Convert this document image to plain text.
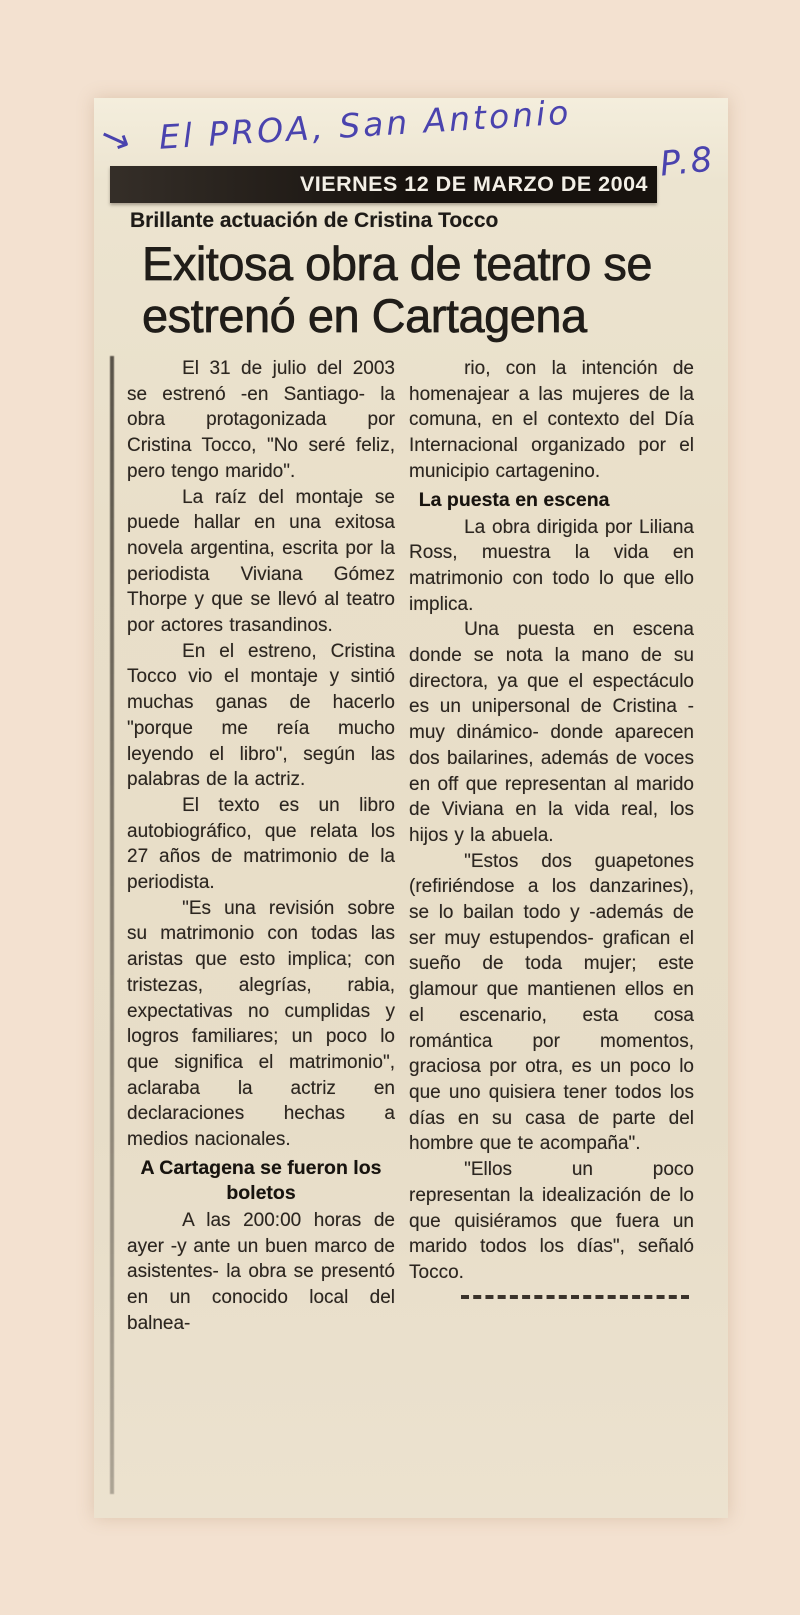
→ El PROA, San Antonio
VIERNES 12 DE MARZO DE 2004 P.8
Brillante actuación de Cristina Tocco
Exitosa obra de teatro se estrenó en Cartagena

El 31 de julio del 2003 se estrenó -en Santiago- la obra protagonizada por Cristina Tocco, "No seré feliz, pero tengo marido".

La raíz del montaje se puede hallar en una exitosa novela argentina, escrita por la periodista Viviana Gómez Thorpe y que se llevó al teatro por actores trasandinos.

En el estreno, Cristina Tocco vio el montaje y sintió muchas ganas de hacerlo "porque me reía mucho leyendo el libro", según las palabras de la actriz.

El texto es un libro autobiográfico, que relata los 27 años de matrimonio de la periodista.

"Es una revisión sobre su matrimonio con todas las aristas que esto implica; con tristezas, alegrías, rabia, expectativas no cumplidas y logros familiares; un poco lo que significa el matrimonio", aclaraba la actriz en declaraciones hechas a medios nacionales.

A Cartagena se fueron los boletos

A las 200:00 horas de ayer -y ante un buen marco de asistentes- la obra se presentó en un conocido local del balnea-

rio, con la intención de homenajear a las mujeres de la comuna, en el contexto del Día Internacional organizado por el municipio cartagenino.

La puesta en escena

La obra dirigida por Liliana Ross, muestra la vida en matrimonio con todo lo que ello implica.

Una puesta en escena donde se nota la mano de su directora, ya que el espectáculo es un unipersonal de Cristina -muy dinámico- donde aparecen dos bailarines, además de voces en off que representan al marido de Viviana en la vida real, los hijos y la abuela.

"Estos dos guapetones (refiriéndose a los danzarines), se lo bailan todo y -además de ser muy estupendos- grafican el sueño de toda mujer; este glamour que mantienen ellos en el escenario, esta cosa romántica por momentos, graciosa por otra, es un poco lo que uno quisiera tener todos los días en su casa de parte del hombre que te acompaña".

"Ellos un poco representan la idealización de lo que quisiéramos que fuera un marido todos los días", señaló Tocco.
